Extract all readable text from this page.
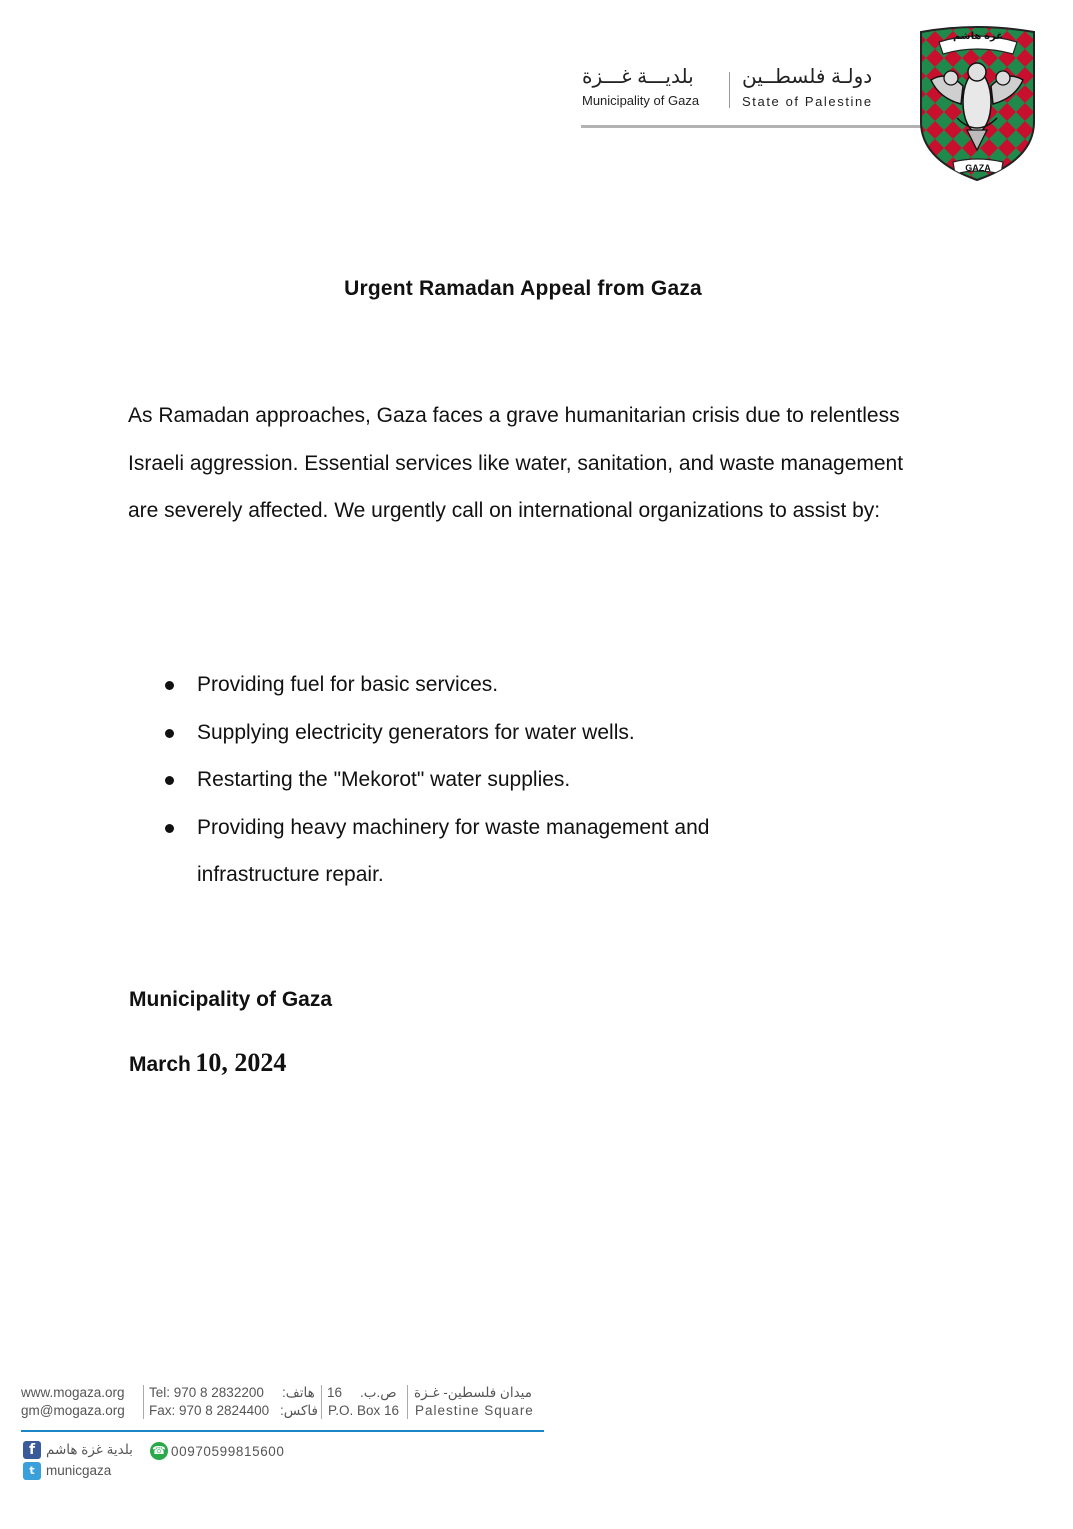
بلديـــة غـــزة
Municipality of Gaza
دولـة فلسطــين
State of Palestine
غزة هاشم
GAZA
Urgent Ramadan Appeal from Gaza
As Ramadan approaches, Gaza faces a grave humanitarian crisis due to relentless Israeli aggression. Essential services like water, sanitation, and waste management are severely affected. We urgently call on international organizations to assist by:
Providing fuel for basic services.
Supplying electricity generators for water wells.
Restarting the "Mekorot" water supplies.
Providing heavy machinery for waste management and infrastructure repair.
Municipality of Gaza
March 10, 2024
www.mogaza.org
gm@mogaza.org
Tel: 970 8 2832200 هاتف:
Fax: 970 8 2824400 فاكس:
16 ص.ب.
P.O. Box 16
ميدان فلسطين- غـزة
Palestine Square
f بلدية غزة هاشم	☎ 00970599815600
t municgaza
